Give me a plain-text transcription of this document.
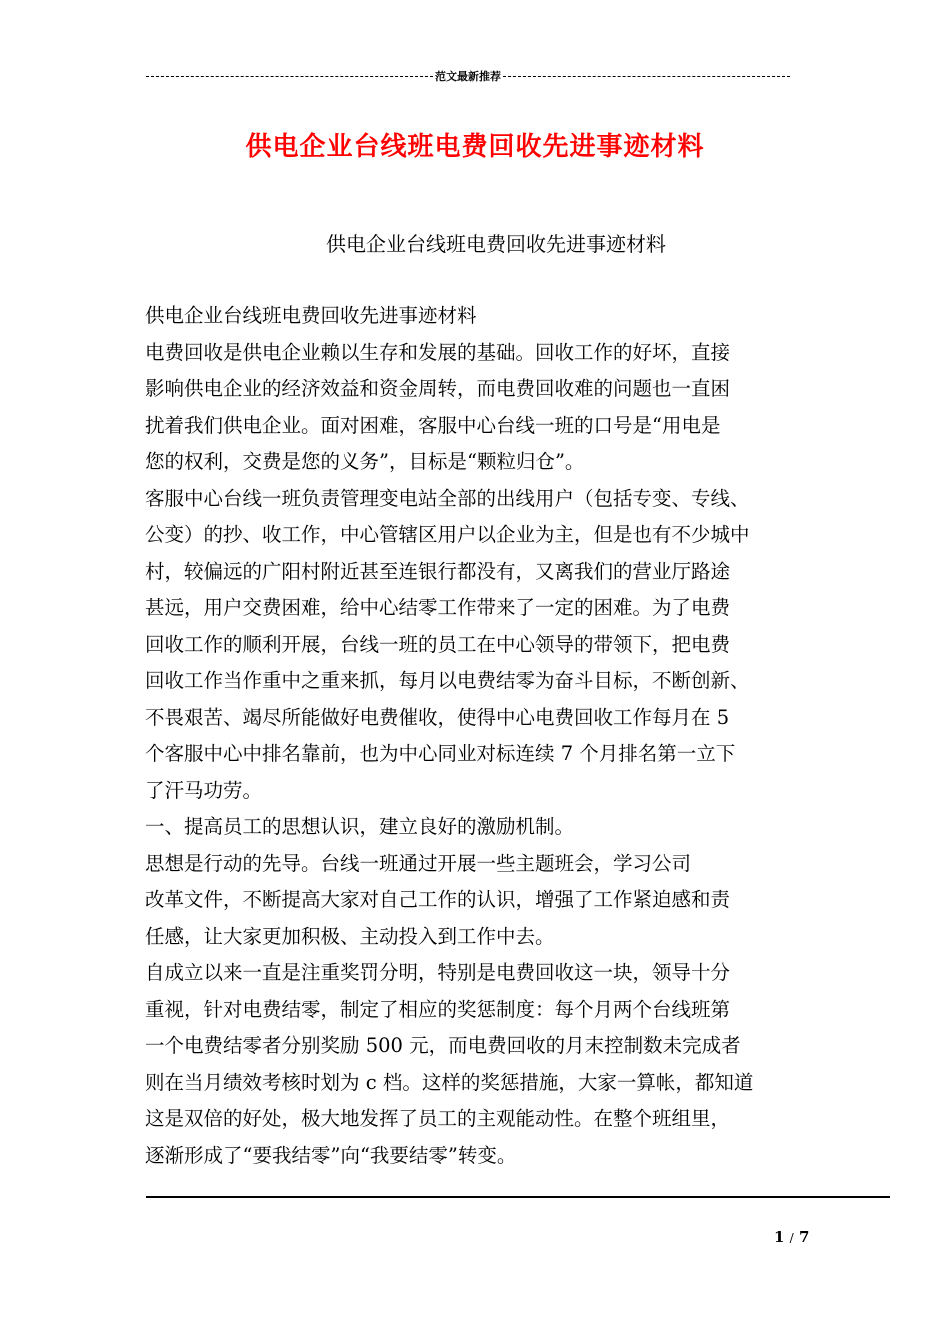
范文最新推荐
供电企业台线班电费回收先进事迹材料
供电企业台线班电费回收先进事迹材料
供电企业台线班电费回收先进事迹材料
电费回收是供电企业赖以生存和发展的基础。回收工作的好坏，直接
影响供电企业的经济效益和资金周转，而电费回收难的问题也一直困
扰着我们供电企业。面对困难，客服中心台线一班的口号是“用电是
您的权利，交费是您的义务”，目标是“颗粒归仓”。
客服中心台线一班负责管理变电站全部的出线用户（包括专变、专线、
公变）的抄、收工作，中心管辖区用户以企业为主，但是也有不少城中
村，较偏远的广阳村附近甚至连银行都没有，又离我们的营业厅路途
甚远，用户交费困难，给中心结零工作带来了一定的困难。为了电费
回收工作的顺利开展，台线一班的员工在中心领导的带领下，把电费
回收工作当作重中之重来抓，每月以电费结零为奋斗目标，不断创新、
不畏艰苦、竭尽所能做好电费催收，使得中心电费回收工作每月在 5
个客服中心中排名靠前，也为中心同业对标连续 7 个月排名第一立下
了汗马功劳。
一、提高员工的思想认识，建立良好的激励机制。
思想是行动的先导。台线一班通过开展一些主题班会，学习公司
改革文件，不断提高大家对自己工作的认识，增强了工作紧迫感和责
任感，让大家更加积极、主动投入到工作中去。
自成立以来一直是注重奖罚分明，特别是电费回收这一块，领导十分
重视，针对电费结零，制定了相应的奖惩制度：每个月两个台线班第
一个电费结零者分别奖励 500 元，而电费回收的月末控制数未完成者
则在当月绩效考核时划为 c 档。这样的奖惩措施，大家一算帐，都知道
这是双倍的好处，极大地发挥了员工的主观能动性。在整个班组里，
逐渐形成了“要我结零”向“我要结零”转变。
1 / 7
